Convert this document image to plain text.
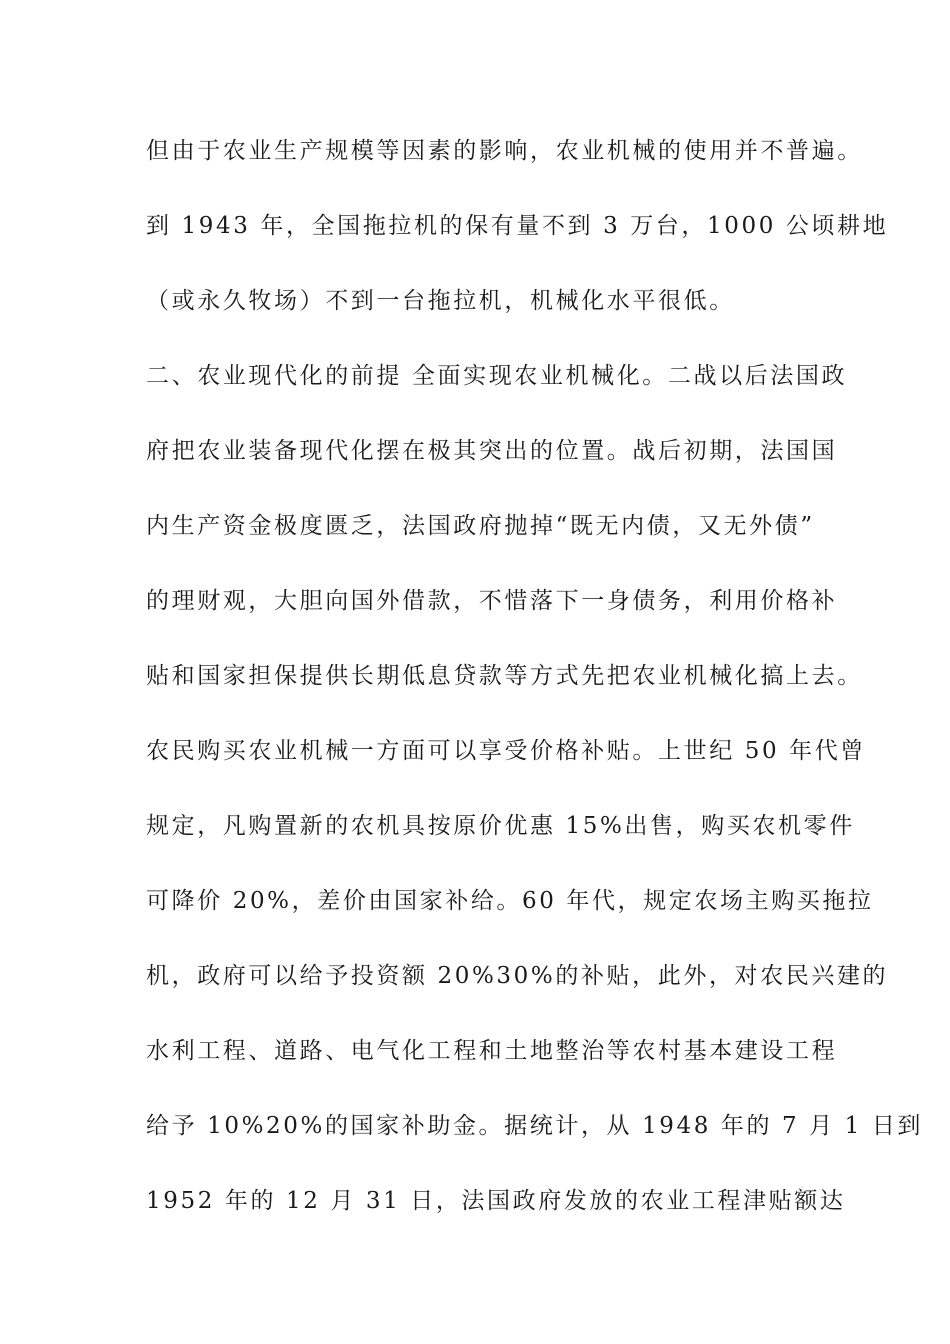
但由于农业生产规模等因素的影响，农业机械的使用并不普遍。
到 1943 年，全国拖拉机的保有量不到 3 万台，1000 公顷耕地
（或永久牧场）不到一台拖拉机，机械化水平很低。
二、农业现代化的前提 全面实现农业机械化。二战以后法国政
府把农业装备现代化摆在极其突出的位置。战后初期，法国国
内生产资金极度匮乏，法国政府抛掉“既无内债，又无外债”
的理财观，大胆向国外借款，不惜落下一身债务，利用价格补
贴和国家担保提供长期低息贷款等方式先把农业机械化搞上去。
农民购买农业机械一方面可以享受价格补贴。上世纪 50 年代曾
规定，凡购置新的农机具按原价优惠 15%出售，购买农机零件
可降价 20%，差价由国家补给。60 年代，规定农场主购买拖拉
机，政府可以给予投资额 20%30%的补贴，此外，对农民兴建的
水利工程、道路、电气化工程和土地整治等农村基本建设工程
给予 10%20%的国家补助金。据统计，从 1948 年的 7 月 1 日到
1952 年的 12 月 31 日，法国政府发放的农业工程津贴额达
